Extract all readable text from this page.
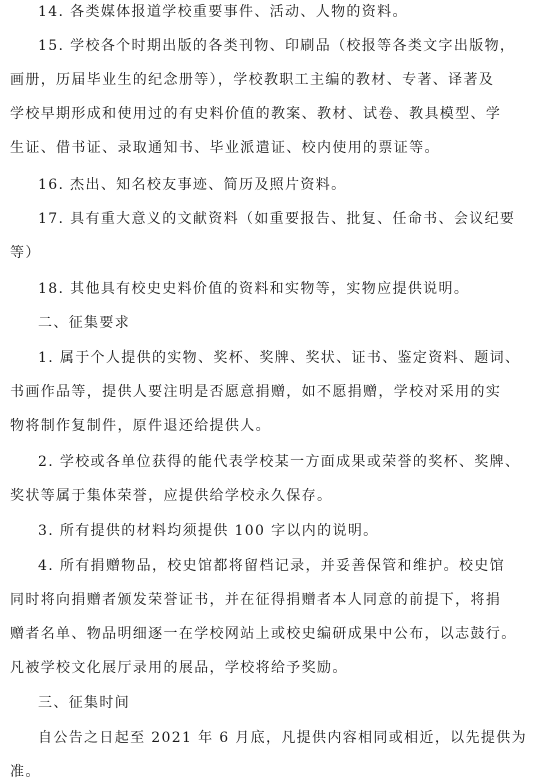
14. 各类媒体报道学校重要事件、活动、人物的资料。
15. 学校各个时期出版的各类刊物、印刷品（校报等各类文字出版物，
画册，历届毕业生的纪念册等），学校教职工主编的教材、专著、译著及
学校早期形成和使用过的有史料价值的教案、教材、试卷、教具模型、学
生证、借书证、录取通知书、毕业派遣证、校内使用的票证等。
16. 杰出、知名校友事迹、简历及照片资料。
17. 具有重大意义的文献资料（如重要报告、批复、任命书、会议纪要
等）
18. 其他具有校史史料价值的资料和实物等，实物应提供说明。
二、征集要求
1. 属于个人提供的实物、奖杯、奖牌、奖状、证书、鉴定资料、题词、
书画作品等，提供人要注明是否愿意捐赠，如不愿捐赠，学校对采用的实
物将制作复制件，原件退还给提供人。
2. 学校或各单位获得的能代表学校某一方面成果或荣誉的奖杯、奖牌、
奖状等属于集体荣誉，应提供给学校永久保存。
3. 所有提供的材料均须提供 100 字以内的说明。
4. 所有捐赠物品，校史馆都将留档记录，并妥善保管和维护。校史馆
同时将向捐赠者颁发荣誉证书，并在征得捐赠者本人同意的前提下，将捐
赠者名单、物品明细逐一在学校网站上或校史编研成果中公布，以志鼓行。
凡被学校文化展厅录用的展品，学校将给予奖励。
三、征集时间
自公告之日起至 2021 年 6 月底，凡提供内容相同或相近，以先提供为
准。
